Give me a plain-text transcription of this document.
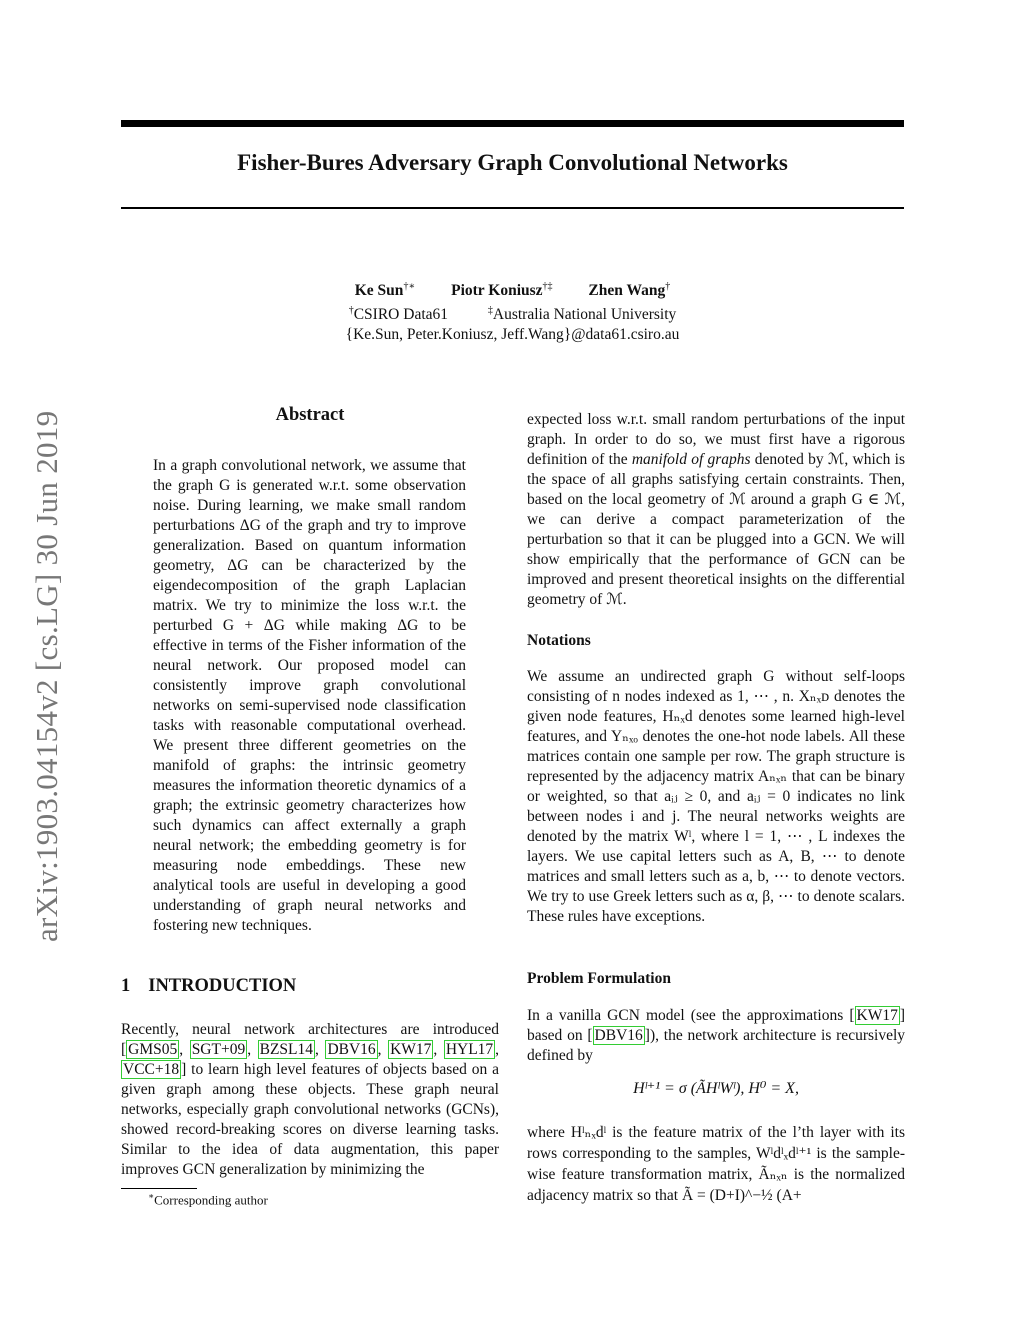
Fisher-Bures Adversary Graph Convolutional Networks
arXiv:1903.04154v2 [cs.LG] 30 Jun 2019
Ke Sun†∗ Piotr Koniusz†‡ Zhen Wang†
†CSIRO Data61	‡Australia National University
{Ke.Sun, Peter.Koniusz, Jeff.Wang}@data61.csiro.au
Abstract
In a graph convolutional network, we assume that the graph G is generated w.r.t. some observation noise. During learning, we make small random perturbations ΔG of the graph and try to improve generalization. Based on quantum information geometry, ΔG can be characterized by the eigendecomposition of the graph Laplacian matrix. We try to minimize the loss w.r.t. the perturbed G + ΔG while making ΔG to be effective in terms of the Fisher information of the neural network. Our proposed model can consistently improve graph convolutional networks on semi-supervised node classification tasks with reasonable computational overhead. We present three different geometries on the manifold of graphs: the intrinsic geometry measures the information theoretic dynamics of a graph; the extrinsic geometry characterizes how such dynamics can affect externally a graph neural network; the embedding geometry is for measuring node embeddings. These new analytical tools are useful in developing a good understanding of graph neural networks and fostering new techniques.
1 INTRODUCTION
Recently, neural network architectures are introduced [ GMS05 , SGT+09 , BZSL14 , DBV16 , KW17 , HYL17 , VCC+18 ] to learn high level features of objects based on a given graph among these objects. These graph neural networks, especially graph convolutional networks (GCNs), showed record-breaking scores on diverse learning tasks. Similar to the idea of data augmentation, this paper improves GCN generalization by minimizing the
∗Corresponding author
expected loss w.r.t. small random perturbations of the input graph. In order to do so, we must first have a rigorous definition of the manifold of graphs denoted by ℳ, which is the space of all graphs satisfying certain constraints. Then, based on the local geometry of ℳ around a graph G ∈ ℳ, we can derive a compact parameterization of the perturbation so that it can be plugged into a GCN. We will show empirically that the performance of GCN can be improved and present theoretical insights on the differential geometry of ℳ.
Notations
We assume an undirected graph G without self-loops consisting of n nodes indexed as 1, ⋯ , n. Xₙₓᴅ denotes the given node features, Hₙₓd denotes some learned high-level features, and Yₙₓₒ denotes the one-hot node labels. All these matrices contain one sample per row. The graph structure is represented by the adjacency matrix Aₙₓₙ that can be binary or weighted, so that aᵢⱼ ≥ 0, and aᵢⱼ = 0 indicates no link between nodes i and j. The neural networks weights are denoted by the matrix Wˡ, where l = 1, ⋯ , L indexes the layers. We use capital letters such as A, B, ⋯ to denote matrices and small letters such as a, b, ⋯ to denote vectors. We try to use Greek letters such as α, β, ⋯ to denote scalars. These rules have exceptions.
Problem Formulation
In a vanilla GCN model (see the approximations [ KW17 ] based on [ DBV16 ]), the network architecture is recursively defined by
Hˡ⁺¹ = σ (ÃHˡWˡ), H⁰ = X,
where Hˡₙₓdˡ is the feature matrix of the l’th layer with its rows corresponding to the samples, Wˡdˡₓdˡ⁺¹ is the sample-wise feature transformation matrix, Ãₙₓₙ is the normalized adjacency matrix so that Ã = (D+I)^−½ (A+
